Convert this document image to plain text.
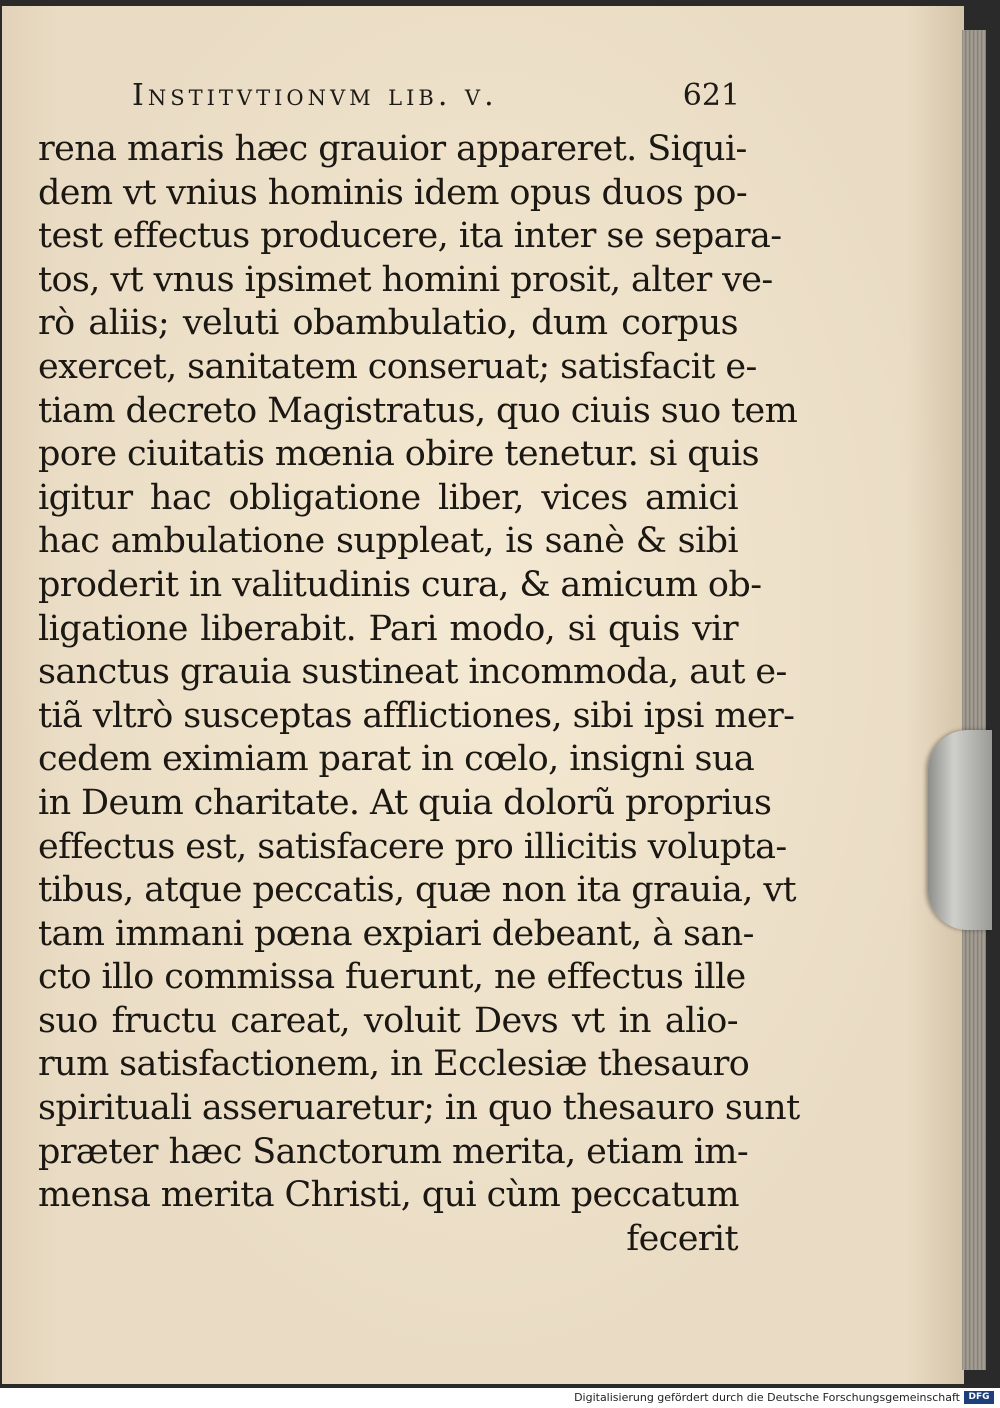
Institvtionvm lib. v.	621
rena maris hæc grauior appareret. Siqui-
dem vt vnius hominis idem opus duos po-
test effectus producere, ita inter se separa-
tos, vt vnus ipsimet homini prosit, alter ve-
rò aliis; veluti obambulatio, dum corpus
exercet, sanitatem conseruat; satisfacit e-
tiam decreto Magistratus, quo ciuis suo tem
pore ciuitatis mœnia obire tenetur. si quis
igitur hac obligatione liber, vices amici
hac ambulatione suppleat, is sanè & sibi
proderit in valitudinis cura, & amicum ob-
ligatione liberabit. Pari modo, si quis vir
sanctus grauia sustineat incommoda, aut e-
tiã vltrò susceptas afflictiones, sibi ipsi mer-
cedem eximiam parat in cœlo, insigni sua
in Deum charitate. At quia dolorũ proprius
effectus est, satisfacere pro illicitis volupta-
tibus, atque peccatis, quæ non ita grauia, vt
tam immani pœna expiari debeant, à san-
cto illo commissa fuerunt, ne effectus ille
suo fructu careat, voluit Devs vt in alio-
rum satisfactionem, in Ecclesiæ thesauro
spirituali asseruaretur; in quo thesauro sunt
præter hæc Sanctorum merita, etiam im-
mensa merita Christi, qui cùm peccatum
fecerit
Digitalisierung gefördert durch die Deutsche Forschungsgemeinschaft DFG
